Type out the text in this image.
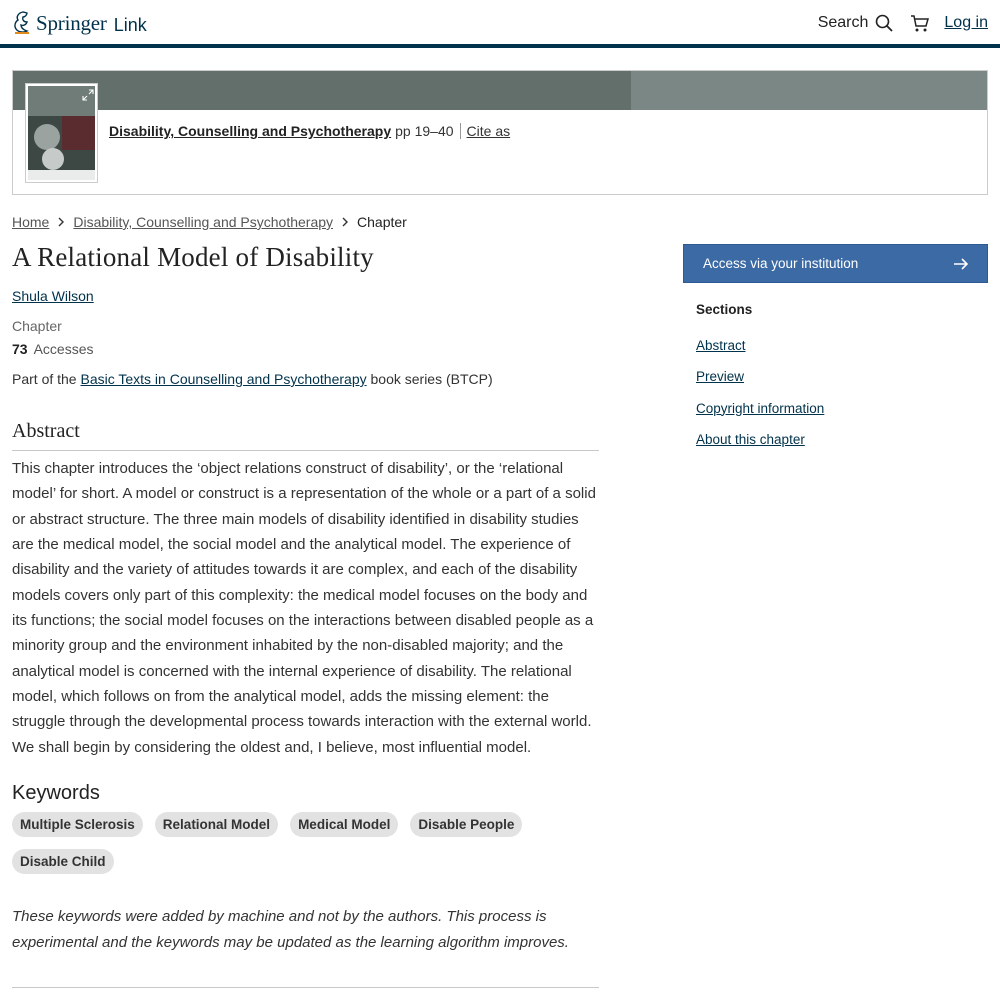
Springer Link	Search	Log in
Disability, Counselling and Psychotherapy pp 19–40 Cite as
Home Disability, Counselling and Psychotherapy Chapter
A Relational Model of Disability
Shula Wilson
Chapter
73 Accesses
Part of the Basic Texts in Counselling and Psychotherapy book series (BTCP)
Abstract

This chapter introduces the ‘object relations construct of disability’, or the ‘relational model’ for short. A model or construct is a representation of the whole or a part of a solid or abstract structure. The three main models of disability identified in disability studies are the medical model, the social model and the analytical model. The experience of disability and the variety of attitudes towards it are complex, and each of the disability models covers only part of this complexity: the medical model focuses on the body and its functions; the social model focuses on the interactions between disabled people as a minority group and the environment inhabited by the non-disabled majority; and the analytical model is concerned with the internal experience of disability. The relational model, which follows on from the analytical model, adds the missing element: the struggle through the developmental process towards interaction with the external world. We shall begin by considering the oldest and, I believe, most influential model.

Keywords
Multiple Sclerosis	Relational Model	Medical Model	Disable People
Disable Child

These keywords were added by machine and not by the authors. This process is experimental and the keywords may be updated as the learning algorithm improves.

Access via your institution
Sections
Abstract
Preview
Copyright information
About this chapter
